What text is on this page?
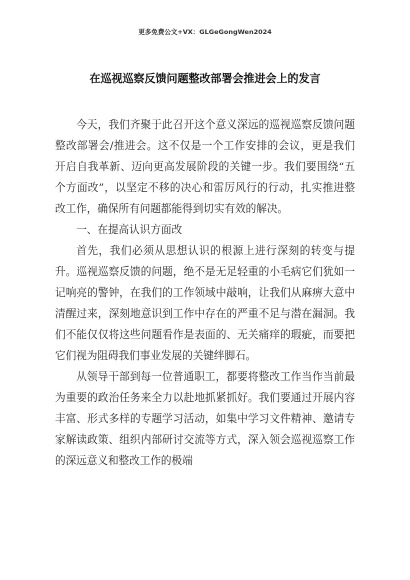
更多免费公文+VX：GLGeGongWen2024
在巡视巡察反馈问题整改部署会推进会上的发言

今天，我们齐聚于此召开这个意义深远的巡视巡察反馈问题整改部署会/推进会。这不仅是一个工作安排的会议，更是我们开启自我革新、迈向更高发展阶段的关键一步。我们要围绕“五个方面改”，以坚定不移的决心和雷厉风行的行动，扎实推进整改工作，确保所有问题都能得到切实有效的解决。

一、在提高认识方面改

首先，我们必须从思想认识的根源上进行深刻的转变与提升。巡视巡察反馈的问题，绝不是无足轻重的小毛病它们犹如一记响亮的警钟，在我们的工作领域中敲响，让我们从麻痹大意中清醒过来，深刻地意识到工作中存在的严重不足与潜在漏洞。我们不能仅仅将这些问题看作是表面的、无关痛痒的瑕疵，而要把它们视为阻碍我们事业发展的关键绊脚石。

从领导干部到每一位普通职工，都要将整改工作当作当前最为重要的政治任务来全力以赴地抓紧抓好。我们要通过开展内容丰富、形式多样的专题学习活动，如集中学习文件精神、邀请专家解读政策、组织内部研讨交流等方式，深入领会巡视巡察工作的深远意义和整改工作的极端
